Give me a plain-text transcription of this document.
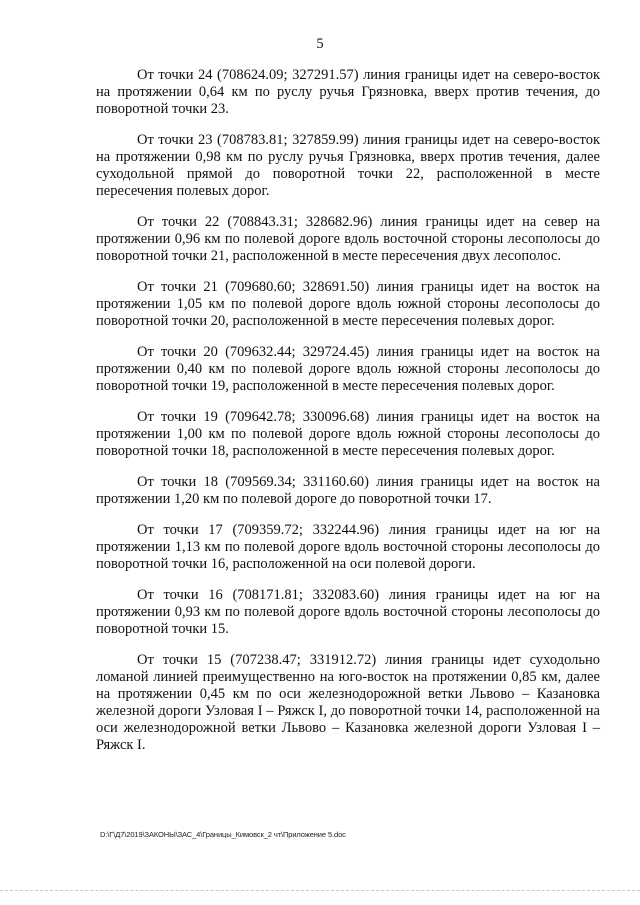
5

От точки 24 (708624.09; 327291.57) линия границы идет на северо-восток на протяжении 0,64 км по руслу ручья Грязновка, вверх против течения, до поворотной точки 23.

От точки 23 (708783.81; 327859.99) линия границы идет на северо-восток на протяжении 0,98 км по руслу ручья Грязновка, вверх против течения, далее суходольной прямой до поворотной точки 22, расположенной в месте пересечения полевых дорог.

От точки 22 (708843.31; 328682.96) линия границы идет на север на протяжении 0,96 км по полевой дороге вдоль восточной стороны лесополосы до поворотной точки 21, расположенной в месте пересечения двух лесополос.

От точки 21 (709680.60; 328691.50) линия границы идет на восток на протяжении 1,05 км по полевой дороге вдоль южной стороны лесополосы до поворотной точки 20, расположенной в месте пересечения полевых дорог.

От точки 20 (709632.44; 329724.45) линия границы идет на восток на протяжении 0,40 км по полевой дороге вдоль южной стороны лесополосы до поворотной точки 19, расположенной в месте пересечения полевых дорог.

От точки 19 (709642.78; 330096.68) линия границы идет на восток на протяжении 1,00 км по полевой дороге вдоль южной стороны лесополосы до поворотной точки 18, расположенной в месте пересечения полевых дорог.

От точки 18 (709569.34; 331160.60) линия границы идет на восток на протяжении 1,20 км по полевой дороге до поворотной точки 17.

От точки 17 (709359.72; 332244.96) линия границы идет на юг на протяжении 1,13 км по полевой дороге вдоль восточной стороны лесополосы до поворотной точки 16, расположенной на оси полевой дороги.

От точки 16 (708171.81; 332083.60) линия границы идет на юг на протяжении 0,93 км по полевой дороге вдоль восточной стороны лесополосы до поворотной точки 15.

От точки 15 (707238.47; 331912.72) линия границы идет суходольно ломаной линией преимущественно на юго-восток на протяжении 0,85 км, далее на протяжении 0,45 км по оси железнодорожной ветки Львово – Казановка железной дороги Узловая I – Ряжск I, до поворотной точки 14, расположенной на оси железнодорожной ветки Львово – Казановка железной дороги Узловая I – Ряжск I.

D:\Г\Д7\2019\ЗАКОНЫ\ЗАС_4\Границы_Кимовск_2 чт\Приложение 5.doc
